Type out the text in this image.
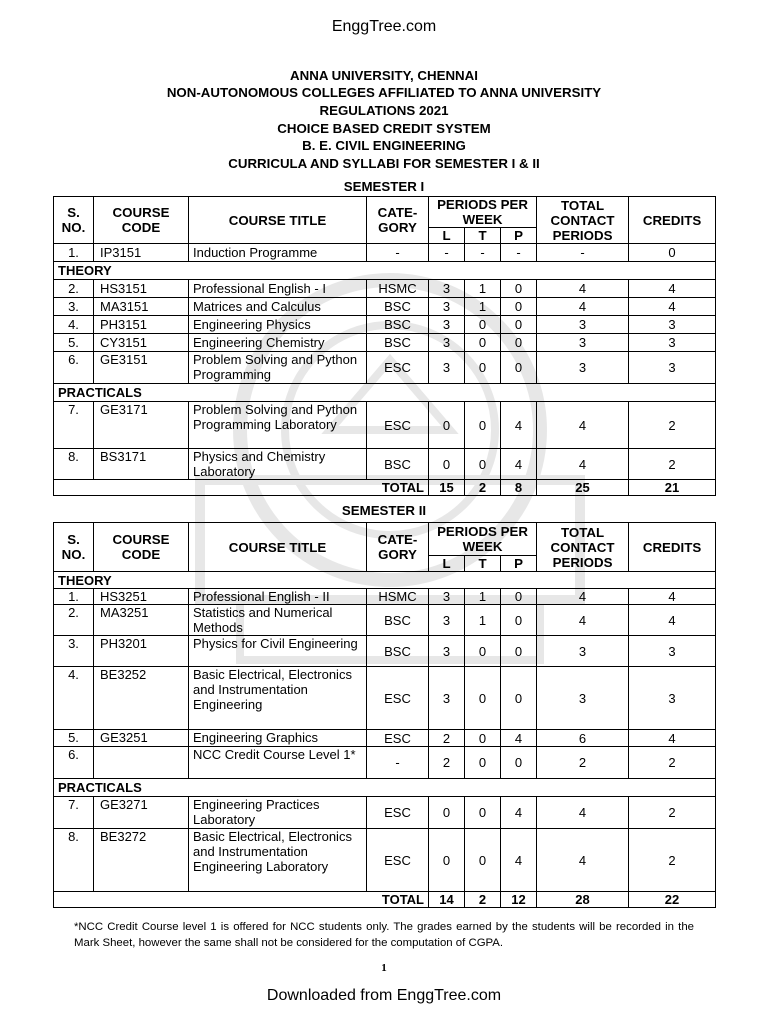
EnggTree.com
ANNA UNIVERSITY, CHENNAI
NON-AUTONOMOUS COLLEGES AFFILIATED TO ANNA UNIVERSITY
REGULATIONS 2021
CHOICE BASED CREDIT SYSTEM
B. E. CIVIL ENGINEERING
CURRICULA AND SYLLABI FOR SEMESTER I & II
SEMESTER I
S. NO.	COURSE CODE	COURSE TITLE	CATE-GORY	PERIODS PER WEEK			TOTAL CONTACT PERIODS	CREDITS
				L	T	P		
1.	IP3151	Induction Programme	-	-	-	-	-	0
THEORY								
2.	HS3151	Professional English - I	HSMC	3	1	0	4	4
3.	MA3151	Matrices and Calculus	BSC	3	1	0	4	4
4.	PH3151	Engineering Physics	BSC	3	0	0	3	3
5.	CY3151	Engineering Chemistry	BSC	3	0	0	3	3
6.	GE3151	Problem Solving and Python Programming	ESC	3	0	0	3	3
PRACTICALS								
7.	GE3171	Problem Solving and Python Programming Laboratory	ESC	0	0	4	4	2
8.	BS3171	Physics and Chemistry Laboratory	BSC	0	0	4	4	2
			TOTAL	15	2	8	25	21
SEMESTER II
S. NO.	COURSE CODE	COURSE TITLE	CATE-GORY	PERIODS PER WEEK			TOTAL CONTACT PERIODS	CREDITS
				L	T	P		
THEORY								
1.	HS3251	Professional English - II	HSMC	3	1	0	4	4
2.	MA3251	Statistics and Numerical Methods	BSC	3	1	0	4	4
3.	PH3201	Physics for Civil Engineering	BSC	3	0	0	3	3
4.	BE3252	Basic Electrical, Electronics and Instrumentation Engineering	ESC	3	0	0	3	3
5.	GE3251	Engineering Graphics	ESC	2	0	4	6	4
6.		NCC Credit Course Level 1*	-	2	0	0	2	2
PRACTICALS								
7.	GE3271	Engineering Practices Laboratory	ESC	0	0	4	4	2
8.	BE3272	Basic Electrical, Electronics and Instrumentation Engineering Laboratory	ESC	0	0	4	4	2
			TOTAL	14	2	12	28	22
*NCC Credit Course level 1 is offered for NCC students only. The grades earned by the students will be recorded in the Mark Sheet, however the same shall not be considered for the computation of CGPA.
1
Downloaded from EnggTree.com
